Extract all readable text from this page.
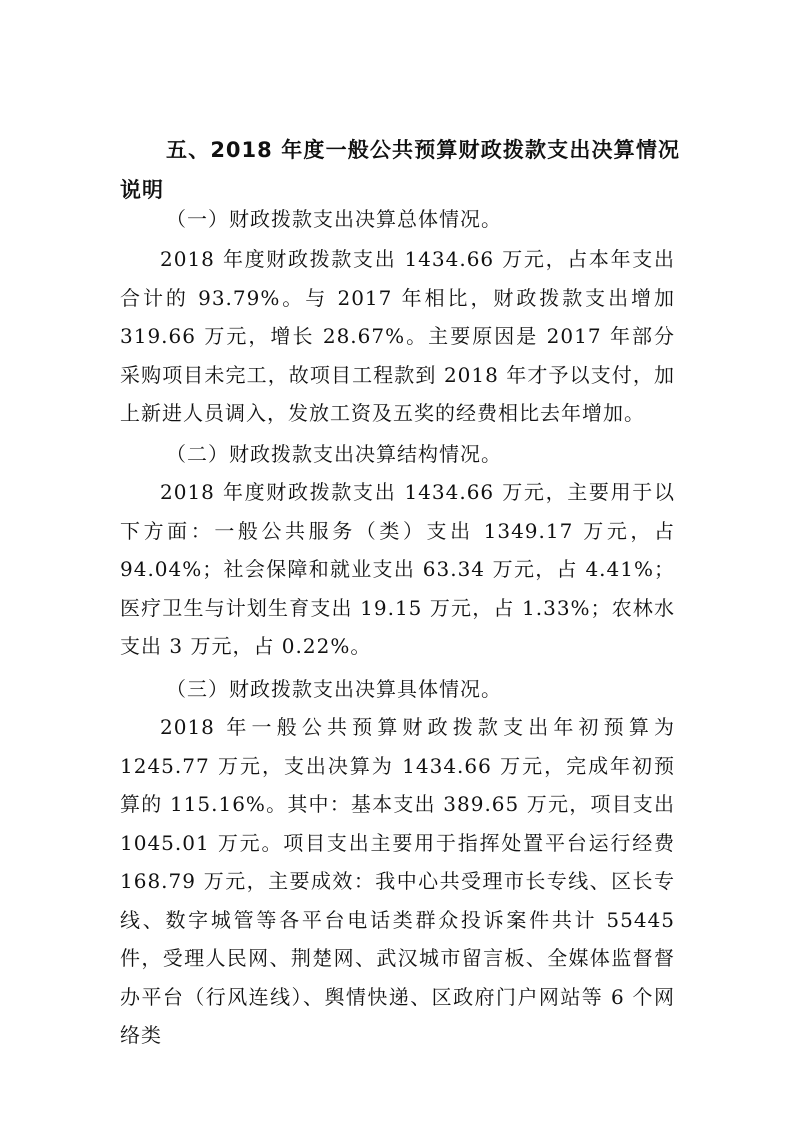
五、2018 年度一般公共预算财政拨款支出决算情况说明
（一）财政拨款支出决算总体情况。
2018 年度财政拨款支出 1434.66 万元，占本年支出合计的 93.79%。与 2017 年相比，财政拨款支出增加 319.66 万元，增长 28.67%。主要原因是 2017 年部分采购项目未完工，故项目工程款到 2018 年才予以支付，加上新进人员调入，发放工资及五奖的经费相比去年增加。
（二）财政拨款支出决算结构情况。
2018 年度财政拨款支出 1434.66 万元，主要用于以下方面：一般公共服务（类）支出 1349.17 万元，占 94.04%；社会保障和就业支出 63.34 万元，占 4.41%；医疗卫生与计划生育支出 19.15 万元，占 1.33%；农林水支出 3 万元，占 0.22%。
（三）财政拨款支出决算具体情况。
2018 年一般公共预算财政拨款支出年初预算为 1245.77 万元，支出决算为 1434.66 万元，完成年初预算的 115.16%。其中：基本支出 389.65 万元，项目支出 1045.01 万元。项目支出主要用于指挥处置平台运行经费 168.79 万元，主要成效：我中心共受理市长专线、区长专线、数字城管等各平台电话类群众投诉案件共计 55445 件，受理人民网、荆楚网、武汉城市留言板、全媒体监督督办平台（行风连线）、舆情快递、区政府门户网站等 6 个网络类
